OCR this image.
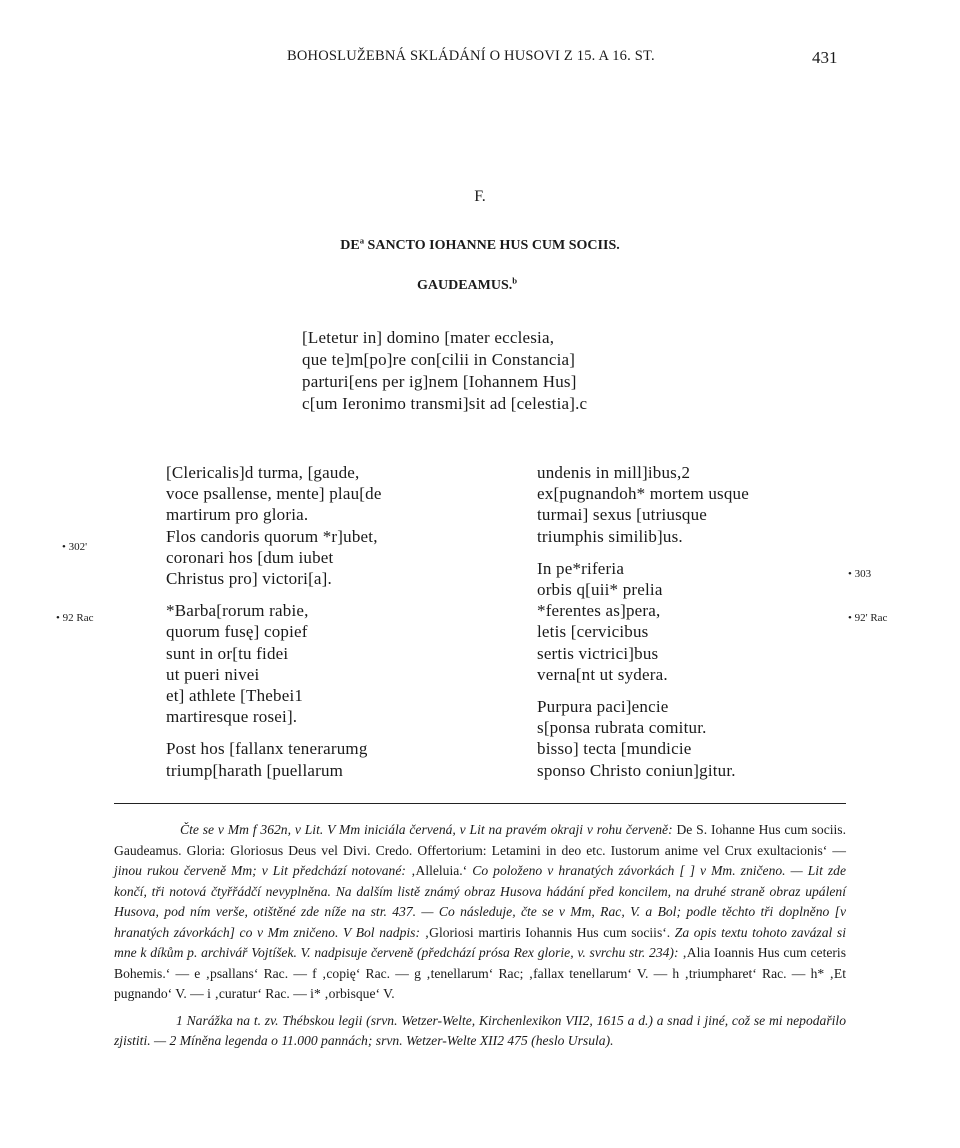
BOHOSLUŽEBNÁ SKLÁDÁNÍ O HUSOVI Z 15. A 16. ST.	431
F.
$DE^a$ SANCTO IOHANNE HUS CUM SOCIIS.
GAUDEAMUS.$^b$
[Letetur in] domino [mater ecclesia,
que te]m[po]re con[cilii in Constancia]
parturi[ens per ig]nem [Iohannem Hus]
c[um Ieronimo transmi]sit ad [celestia].c
• 302'
• 92 Rac
• 303
• 92' Rac
[Clericalis]d turma, [gaude,
voce psallense, mente] plau[de
martirum pro gloria.
Flos candoris quorum *r]ubet,
coronari hos [dum iubet
Christus pro] victori[a].
*Barba[rorum rabie,
quorum fusę] copief
sunt in or[tu fidei
ut pueri nivei
et] athlete [Thebei1
martiresque rosei].
Post hos [fallanx tenerarumg
triump[harath [puellarum
undenis in mill]ibus,2
ex[pugnandoh* mortem usque
turmai] sexus [utriusque
triumphis similib]us.
In pe*riferia
orbis q[uii* prelia
*ferentes as]pera,
letis [cervicibus
sertis victrici]bus
verna[nt ut sydera.
Purpura paci]encie
s[ponsa rubrata comitur.
bisso] tecta [mundicie
sponso Christo coniun]gitur.

Čte se v Mm f 362n, v Lit. V Mm iniciála červená, v Lit na pravém okraji v rohu červeně: De S. Iohanne Hus cum sociis. Gaudeamus. Gloria: Gloriosus Deus vel Divi. Credo. Offertorium: Letamini in deo etc. Iustorum anime vel Crux exultacionis‘ — jinou rukou červeně Mm; v Lit předchází notované: ‚Alleluia.‘ Co položeno v hranatých závorkách [ ] v Mm. zničeno. — Lit zde končí, tři notová čtyřřádčí nevyplněna. Na dalším listě známý obraz Husova hádání před koncilem, na druhé straně obraz upálení Husova, pod ním verše, otištěné zde níže na str. 437. — Co následuje, čte se v Mm, Rac, V. a Bol; podle těchto tři doplněno [v hranatých závorkách] co v Mm zničeno. V Bol nadpis: ‚Gloriosi martiris Iohannis Hus cum sociis‘. Za opis textu tohoto zavázal si mne k díkům p. archivář Vojtíšek. V. nadpisuje červeně (předchází prósa Rex glorie, v. svrchu str. 234): ‚Alia Ioannis Hus cum ceteris Bohemis.‘ — e ‚psallans‘ Rac. — f ‚copię‘ Rac. — g ‚tenellarum‘ Rac; ‚fallax tenellarum‘ V. — h ‚triumpharet‘ Rac. — h* ‚Et pugnando‘ V. — i ‚curatur‘ Rac. — i* ‚orbisque‘ V.

1 Narážka na t. zv. Thébskou legii (srvn. Wetzer-Welte, Kirchenlexikon VII2, 1615 a d.) a snad i jiné, což se mi nepodařilo zjistiti. — 2 Míněna legenda o 11.000 pannách; srvn. Wetzer-Welte XII2 475 (heslo Ursula).
